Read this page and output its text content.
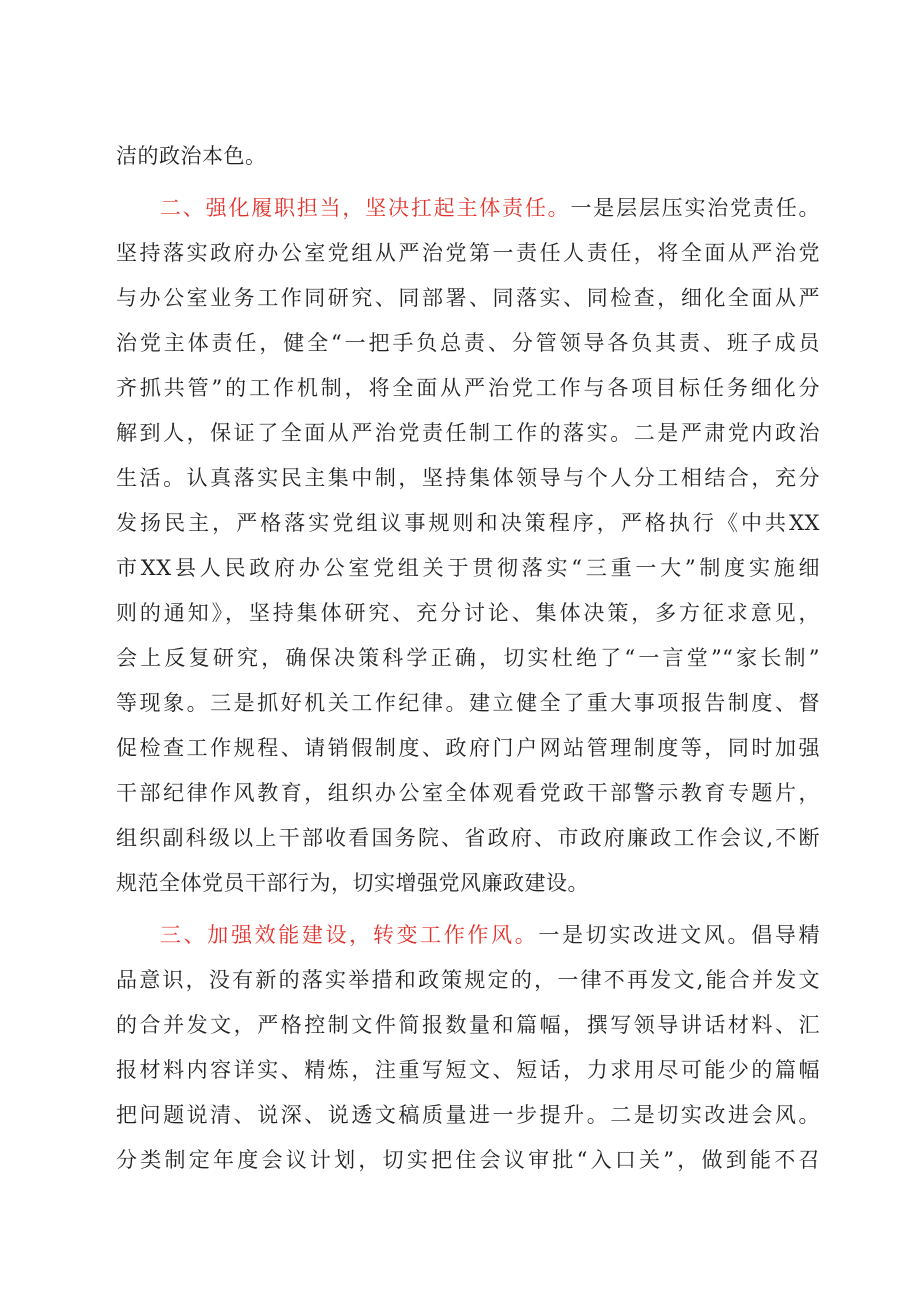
洁的政治本色。
二、强化履职担当，坚决扛起主体责任。一是层层压实治党责任。
坚持落实政府办公室党组从严治党第一责任人责任，将全面从严治党
与办公室业务工作同研究、同部署、同落实、同检查，细化全面从严
治党主体责任，健全“一把手负总责、分管领导各负其责、班子成员
齐抓共管”的工作机制，将全面从严治党工作与各项目标任务细化分
解到人，保证了全面从严治党责任制工作的落实。二是严肃党内政治
生活。认真落实民主集中制，坚持集体领导与个人分工相结合，充分
发扬民主，严格落实党组议事规则和决策程序，严格执行《中共XX
市XX县人民政府办公室党组关于贯彻落实“三重一大”制度实施细
则的通知》，坚持集体研究、充分讨论、集体决策，多方征求意见，
会上反复研究，确保决策科学正确，切实杜绝了“一言堂”“家长制”
等现象。三是抓好机关工作纪律。建立健全了重大事项报告制度、督
促检查工作规程、请销假制度、政府门户网站管理制度等，同时加强
干部纪律作风教育，组织办公室全体观看党政干部警示教育专题片，
组织副科级以上干部收看国务院、省政府、市政府廉政工作会议,不断
规范全体党员干部行为，切实增强党风廉政建设。
三、加强效能建设，转变工作作风。一是切实改进文风。倡导精
品意识，没有新的落实举措和政策规定的，一律不再发文,能合并发文
的合并发文，严格控制文件简报数量和篇幅，撰写领导讲话材料、汇
报材料内容详实、精炼，注重写短文、短话，力求用尽可能少的篇幅
把问题说清、说深、说透文稿质量进一步提升。二是切实改进会风。
分类制定年度会议计划，切实把住会议审批“入口关”，做到能不召
